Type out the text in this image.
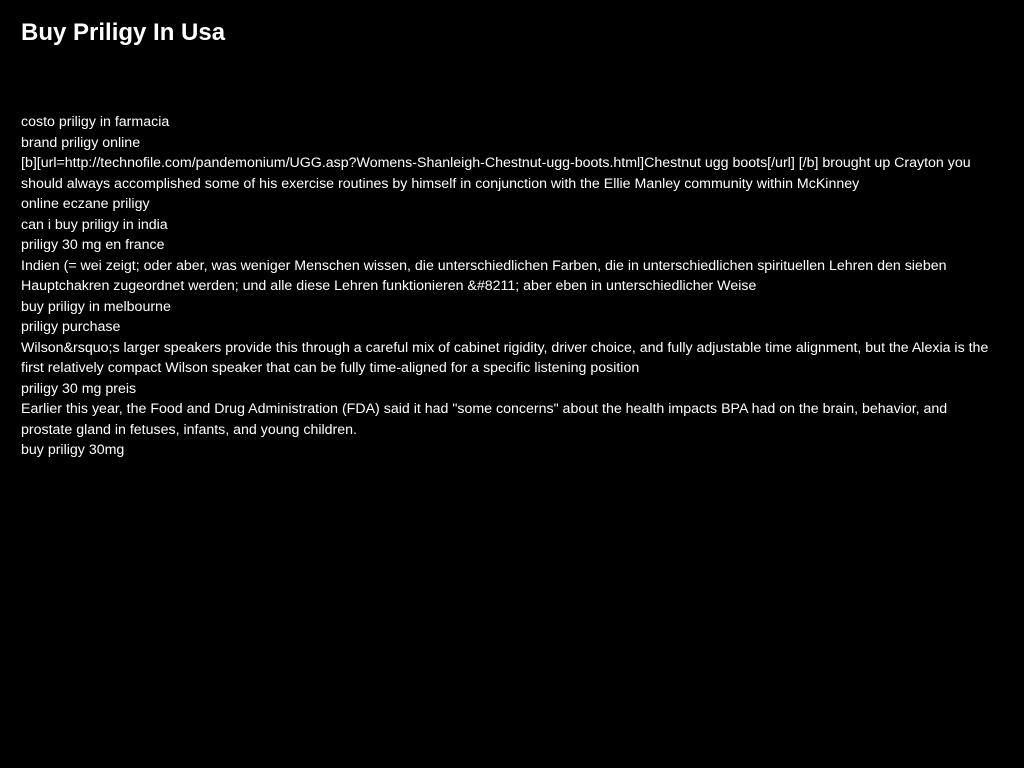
Buy Priligy In Usa
costo priligy in farmacia
brand priligy online
[b][url=http://technofile.com/pandemonium/UGG.asp?Womens-Shanleigh-Chestnut-ugg-boots.html]Chestnut ugg boots[/url] [/b] brought up Crayton you should always accomplished some of his exercise routines by himself in conjunction with the Ellie Manley community within McKinney
online eczane priligy
can i buy priligy in india
priligy 30 mg en france
Indien (= wei zeigt; oder aber, was weniger Menschen wissen, die unterschiedlichen Farben, die in unterschiedlichen spirituellen Lehren den sieben Hauptchakren zugeordnet werden; und alle diese Lehren funktionieren &#8211; aber eben in unterschiedlicher Weise
buy priligy in melbourne
priligy purchase
Wilson&rsquo;s larger speakers provide this through a careful mix of cabinet rigidity, driver choice, and fully adjustable time alignment, but the Alexia is the first relatively compact Wilson speaker that can be fully time-aligned for a specific listening position
priligy 30 mg preis
Earlier this year, the Food and Drug Administration (FDA) said it had "some concerns" about the health impacts BPA had on the brain, behavior, and prostate gland in fetuses, infants, and young children.
buy priligy 30mg
